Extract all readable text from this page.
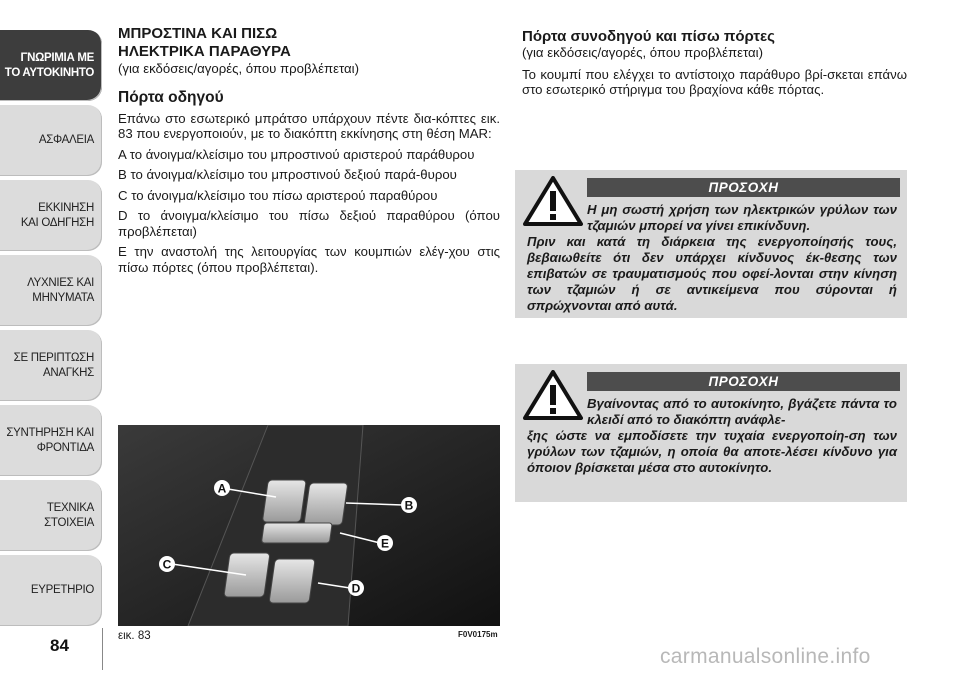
ΓΝΩΡΙΜΙΑ ΜΕ
ΤΟ ΑΥΤΟΚΙΝΗΤΟ
ΑΣΦΑΛΕΙΑ
ΕΚΚΙΝΗΣΗ
ΚΑΙ ΟΔΗΓΗΣΗ
ΛΥΧΝΙΕΣ ΚΑΙ
ΜΗΝΥΜΑΤΑ
ΣΕ ΠΕΡΙΠΤΩΣΗ
ΑΝΑΓΚΗΣ
ΣΥΝΤΗΡΗΣΗ ΚΑΙ
ΦΡΟΝΤΙΔΑ
ΤΕΧΝΙΚΑ
ΣΤΟΙΧΕΙΑ
ΕΥΡΕΤΗΡΙΟ
84
ΜΠΡΟΣΤΙΝΑ ΚΑΙ ΠΙΣΩ
ΗΛΕΚΤΡΙΚΑ ΠΑΡΑΘΥΡΑ
(για εκδόσεις/αγορές, όπου προβλέπεται)
Πόρτα οδηγού

Επάνω στο εσωτερικό μπράτσο υπάρχουν πέντε δια-κόπτες εικ. 83 που ενεργοποιούν, με το διακόπτη εκκίνησης στη θέση MAR:

A το άνοιγμα/κλείσιμο του μπροστινού αριστερού παράθυρου

B το άνοιγμα/κλείσιμο του μπροστινού δεξιού παρά-θυρου

C το άνοιγμα/κλείσιμο του πίσω αριστερού παραθύρου

D το άνοιγμα/κλείσιμο του πίσω δεξιού παραθύρου (όπου προβλέπεται)

E την αναστολή της λειτουργίας των κουμπιών ελέγ-χου στις πίσω πόρτες (όπου προβλέπεται).

A
B
E
C
D
εικ. 83	F0V0175m
Πόρτα συνοδηγού και πίσω πόρτες
(για εκδόσεις/αγορές, όπου προβλέπεται)

Το κουμπί που ελέγχει το αντίστοιχο παράθυρο βρί-σκεται επάνω στο εσωτερικό στήριγμα του βραχίονα κάθε πόρτας.

ΠΡΟΣΟΧΗ
Η μη σωστή χρήση των ηλεκτρικών γρύλων των τζαμιών μπορεί να γίνει επικίνδυνη.
Πριν και κατά τη διάρκεια της ενεργοποίησής τους, βεβαιωθείτε ότι δεν υπάρχει κίνδυνος έκ-θεσης των επιβατών σε τραυματισμούς που οφεί-λονται στην κίνηση των τζαμιών ή σε αντικείμενα που σύρονται ή σπρώχνονται από αυτά.
ΠΡΟΣΟΧΗ
Βγαίνοντας από το αυτοκίνητο, βγάζετε πάντα το κλειδί από το διακόπτη ανάφλε-
ξης ώστε να εμποδίσετε την τυχαία ενεργοποίη-ση των γρύλων των τζαμιών, η οποία θα αποτε-λέσει κίνδυνο για όποιον βρίσκεται μέσα στο αυτοκίνητο.
carmanualsonline.info
